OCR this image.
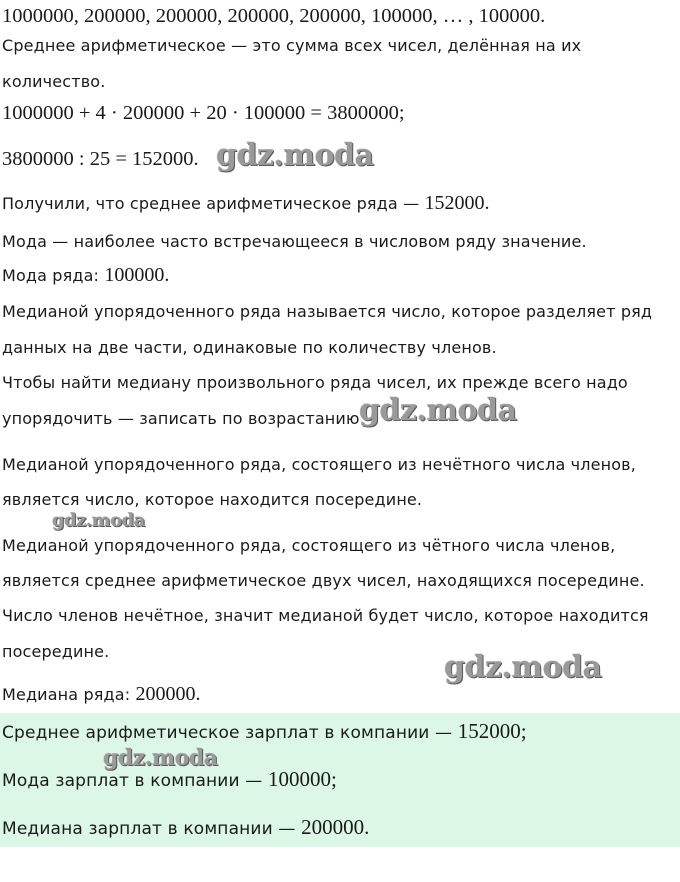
1000000, 200000, 200000, 200000, 200000, 100000, … , 100000.
Среднее арифметическое — это сумма всех чисел, делённая на их
количество.
1000000 + 4 · 200000 + 20 · 100000 = 3800000;
3800000 : 25 = 152000.
Получили, что среднее арифметическое ряда — 152000.
Мода — наиболее часто встречающееся в числовом ряду значение.
Мода ряда: 100000.
Медианой упорядоченного ряда называется число, которое разделяет ряд
данных на две части, одинаковые по количеству членов.
Чтобы найти медиану произвольного ряда чисел, их прежде всего надо
упорядочить — записать по возрастанию.
Медианой упорядоченного ряда, состоящего из нечётного числа членов,
является число, которое находится посередине.
Медианой упорядоченного ряда, состоящего из чётного числа членов,
является среднее арифметическое двух чисел, находящихся посередине.
Число членов нечётное, значит медианой будет число, которое находится
посередине.
Медиана ряда: 200000.
Среднее арифметическое зарплат в компании — 152000;
Мода зарплат в компании — 100000;
Медиана зарплат в компании — 200000.
gdz.moda
gdz.moda
gdz.moda
gdz.moda
gdz.moda
